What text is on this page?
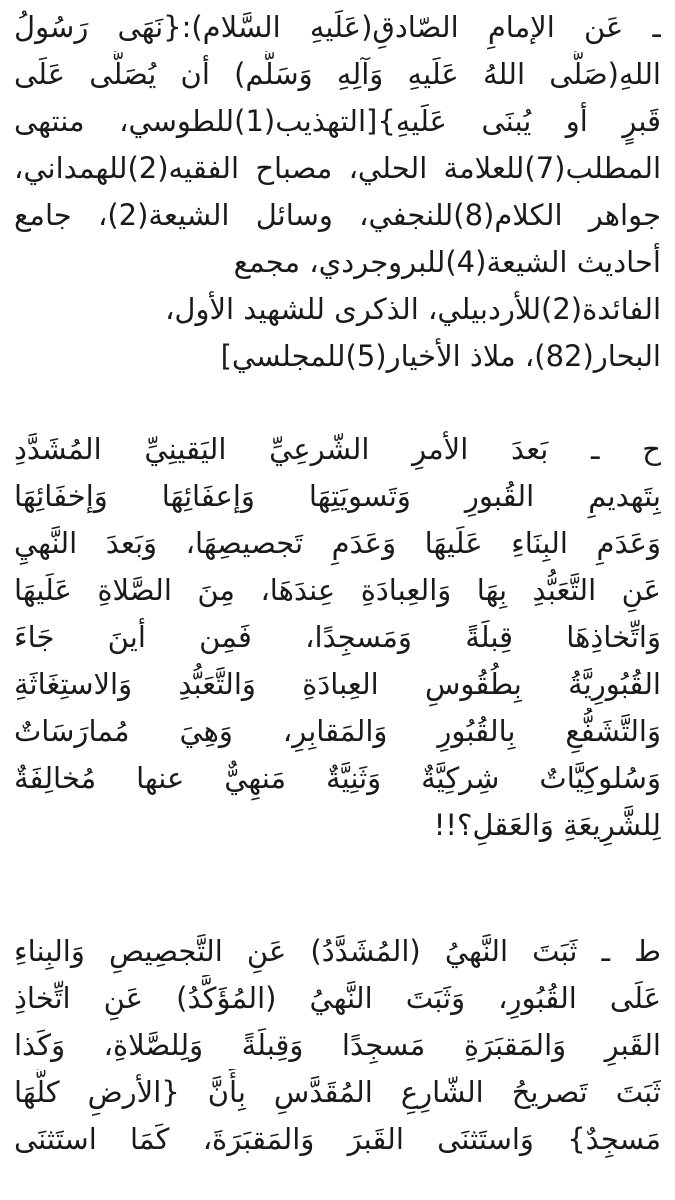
ـ عَن الإمامِ الصّادقِ(عَلَيهِ السَّلام):{نَهَى رَسُولُ
اللهِ(صَلَّى اللهُ عَلَيهِ وَآلِهِ وَسَلَّم) أن يُصَلَّى عَلَى
قَبرٍ أو يُبنَى عَلَيهِ}[التهذيب(1)للطوسي، منتهى
المطلب(7)للعلامة الحلي، مصباح الفقيه(2)للهمداني،
جواهر الكلام(8)للنجفي، وسائل الشيعة(2)، جامع
أحاديث الشيعة(4)للبروجردي، مجمع
الفائدة(2)للأردبيلي، الذكرى للشهيد الأول،
البحار(82)، ملاذ الأخيار(5)للمجلسي]
ح ـ بَعدَ الأمرِ الشّرعِيِّ اليَقينِيِّ المُشَدَّدِ
بِتَهديمِ القُبورِ وَتَسويَتِهَا وَإعفَائِهَا وَإخفَائِهَا
وَعَدَمِ البِنَاءِ عَلَيهَا وَعَدَمِ تَجصيصِهَا، وَبَعدَ النَّهيِ
عَنِ التَّعَبُّدِ بِهَا وَالعِبادَةِ عِندَهَا، مِنَ الصَّلاةِ عَلَيهَا
وَاتِّخاذِهَا قِبلَةً وَمَسجِدًا، فَمِن أينَ جَاءَ
القُبُورِيَّةُ بِطُقُوسِ العِبادَةِ وَالتَّعَبُّدِ وَالاستِغَاثَةِ
وَالتَّشَفُّعِ بِالقُبُورِ وَالمَقابِرِ، وَهِيَ مُمارَسَاتٌ
وَسُلوكِيَّاتٌ شِركِيَّةٌ وَثَنِيَّةٌ مَنهِيٌّ عنها مُخالِفَةٌ
لِلشَّرِيعَةِ وَالعَقلِ؟!!
ط ـ ثَبَتَ النَّهيُ (المُشَدَّدُ) عَنِ التَّجصِيصِ وَالبِناءِ
عَلَى القُبُورِ، وَثَبَتَ النَّهيُ (المُؤَكَّدُ) عَنِ اتِّخاذِ
القَبرِ وَالمَقبَرَةِ مَسجِدًا وَقِبلَةً وَلِلصَّلاةِ، وَكَذا
ثَبَتَ تَصريحُ الشّارِعِ المُقَدَّسِ بِأَنَّ {الأرضِ كلُّهَا
مَسجِدٌ} وَاستَثنَى القَبرَ وَالمَقبَرَةَ، كَمَا استَثنَى
